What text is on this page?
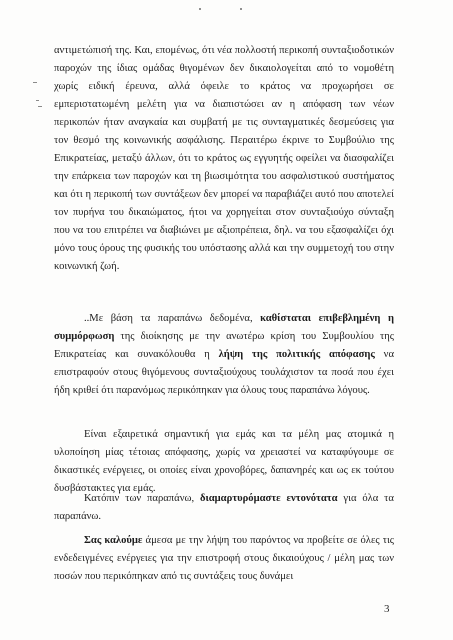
αντιμετώπισή της. Και, επομένως, ότι νέα πολλοστή περικοπή συνταξιοδοτικών παροχών της ίδιας ομάδας θιγομένων δεν δικαιολογείται από το νομοθέτη χωρίς ειδική έρευνα, αλλά όφειλε το κράτος να προχωρήσει σε εμπεριστατωμένη μελέτη για να διαπιστώσει αν η απόφαση των νέων περικοπών ήταν αναγκαία και συμβατή με τις συνταγματικές δεσμεύσεις για τον θεσμό της κοινωνικής ασφάλισης. Περαιτέρω έκρινε το Συμβούλιο της Επικρατείας, μεταξύ άλλων, ότι το κράτος ως εγγυητής οφείλει να διασφαλίζει την επάρκεια των παροχών και τη βιωσιμότητα του ασφαλιστικού συστήματος και ότι η περικοπή των συντάξεων δεν μπορεί να παραβιάζει αυτό που αποτελεί τον πυρήνα του δικαιώματος, ήτοι να χορηγείται στον συνταξιούχο σύνταξη που να του επιτρέπει να διαβιώνει με αξιοπρέπεια, δηλ. να του εξασφαλίζει όχι μόνο τους όρους της φυσικής του υπόστασης αλλά και την συμμετοχή του στην κοινωνική ζωή.

..Με βάση τα παραπάνω δεδομένα, καθίσταται επιβεβλημένη η συμμόρφωση της διοίκησης με την ανωτέρω κρίση του Συμβουλίου της Επικρατείας και συνακόλουθα η λήψη της πολιτικής απόφασης να επιστραφούν στους θιγόμενους συνταξιούχους τουλάχιστον τα ποσά που έχει ήδη κριθεί ότι παρανόμως περικόπηκαν για όλους τους παραπάνω λόγους.

Είναι εξαιρετικά σημαντική για εμάς και τα μέλη μας ατομικά η υλοποίηση μίας τέτοιας απόφασης, χωρίς να χρειαστεί να καταφύγουμε σε δικαστικές ενέργειες, οι οποίες είναι χρονοβόρες, δαπανηρές και ως εκ τούτου δυσβάστακτες για εμάς.

Κατόπιν των παραπάνω, διαμαρτυρόμαστε εντονότατα για όλα τα παραπάνω.

Σας καλούμε άμεσα με την λήψη του παρόντος να προβείτε σε όλες τις ενδεδειγμένες ενέργειες για την επιστροφή στους δικαιούχους / μέλη μας των ποσών που περικόπηκαν από τις συντάξεις τους δυνάμει

3
